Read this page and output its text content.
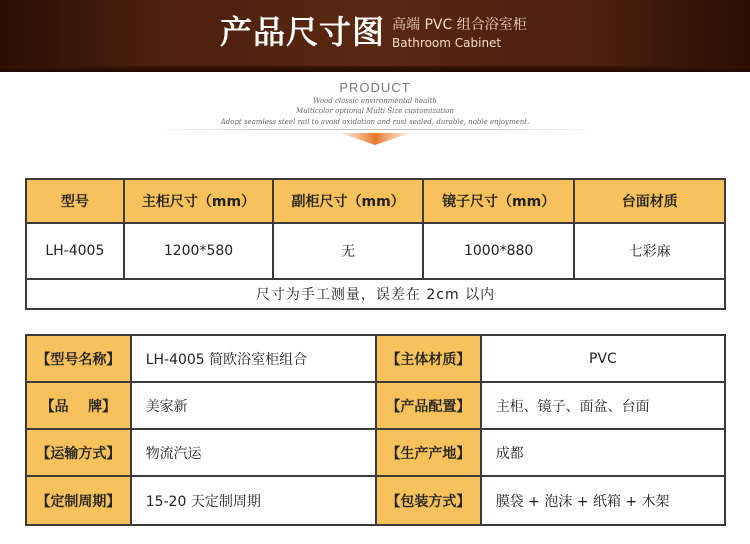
产品尺寸图 高端 PVC 组合浴室柜
Bathroom Cabinet
PRODUCT
Wood classic environmental health
Multicolor optional Multi Size customization
Adopt seamless steel rail to avoid oxidation and rust sealed, durable, noble enjoyment.
型号	主柜尺寸（mm）	副柜尺寸（mm）	镜子尺寸（mm）	台面材质
LH-4005	1200*580	无	1000*880	七彩麻
尺寸为手工测量，误差在 2cm 以内
【型号名称】	LH-4005 简欧浴室柜组合	【主体材质】	PVC
【品    牌】	美家新	【产品配置】	主柜、镜子、面盆、台面
【运输方式】	物流汽运	【生产产地】	成都
【定制周期】	15-20 天定制周期	【包装方式】	膜袋 + 泡沫 + 纸箱 + 木架
